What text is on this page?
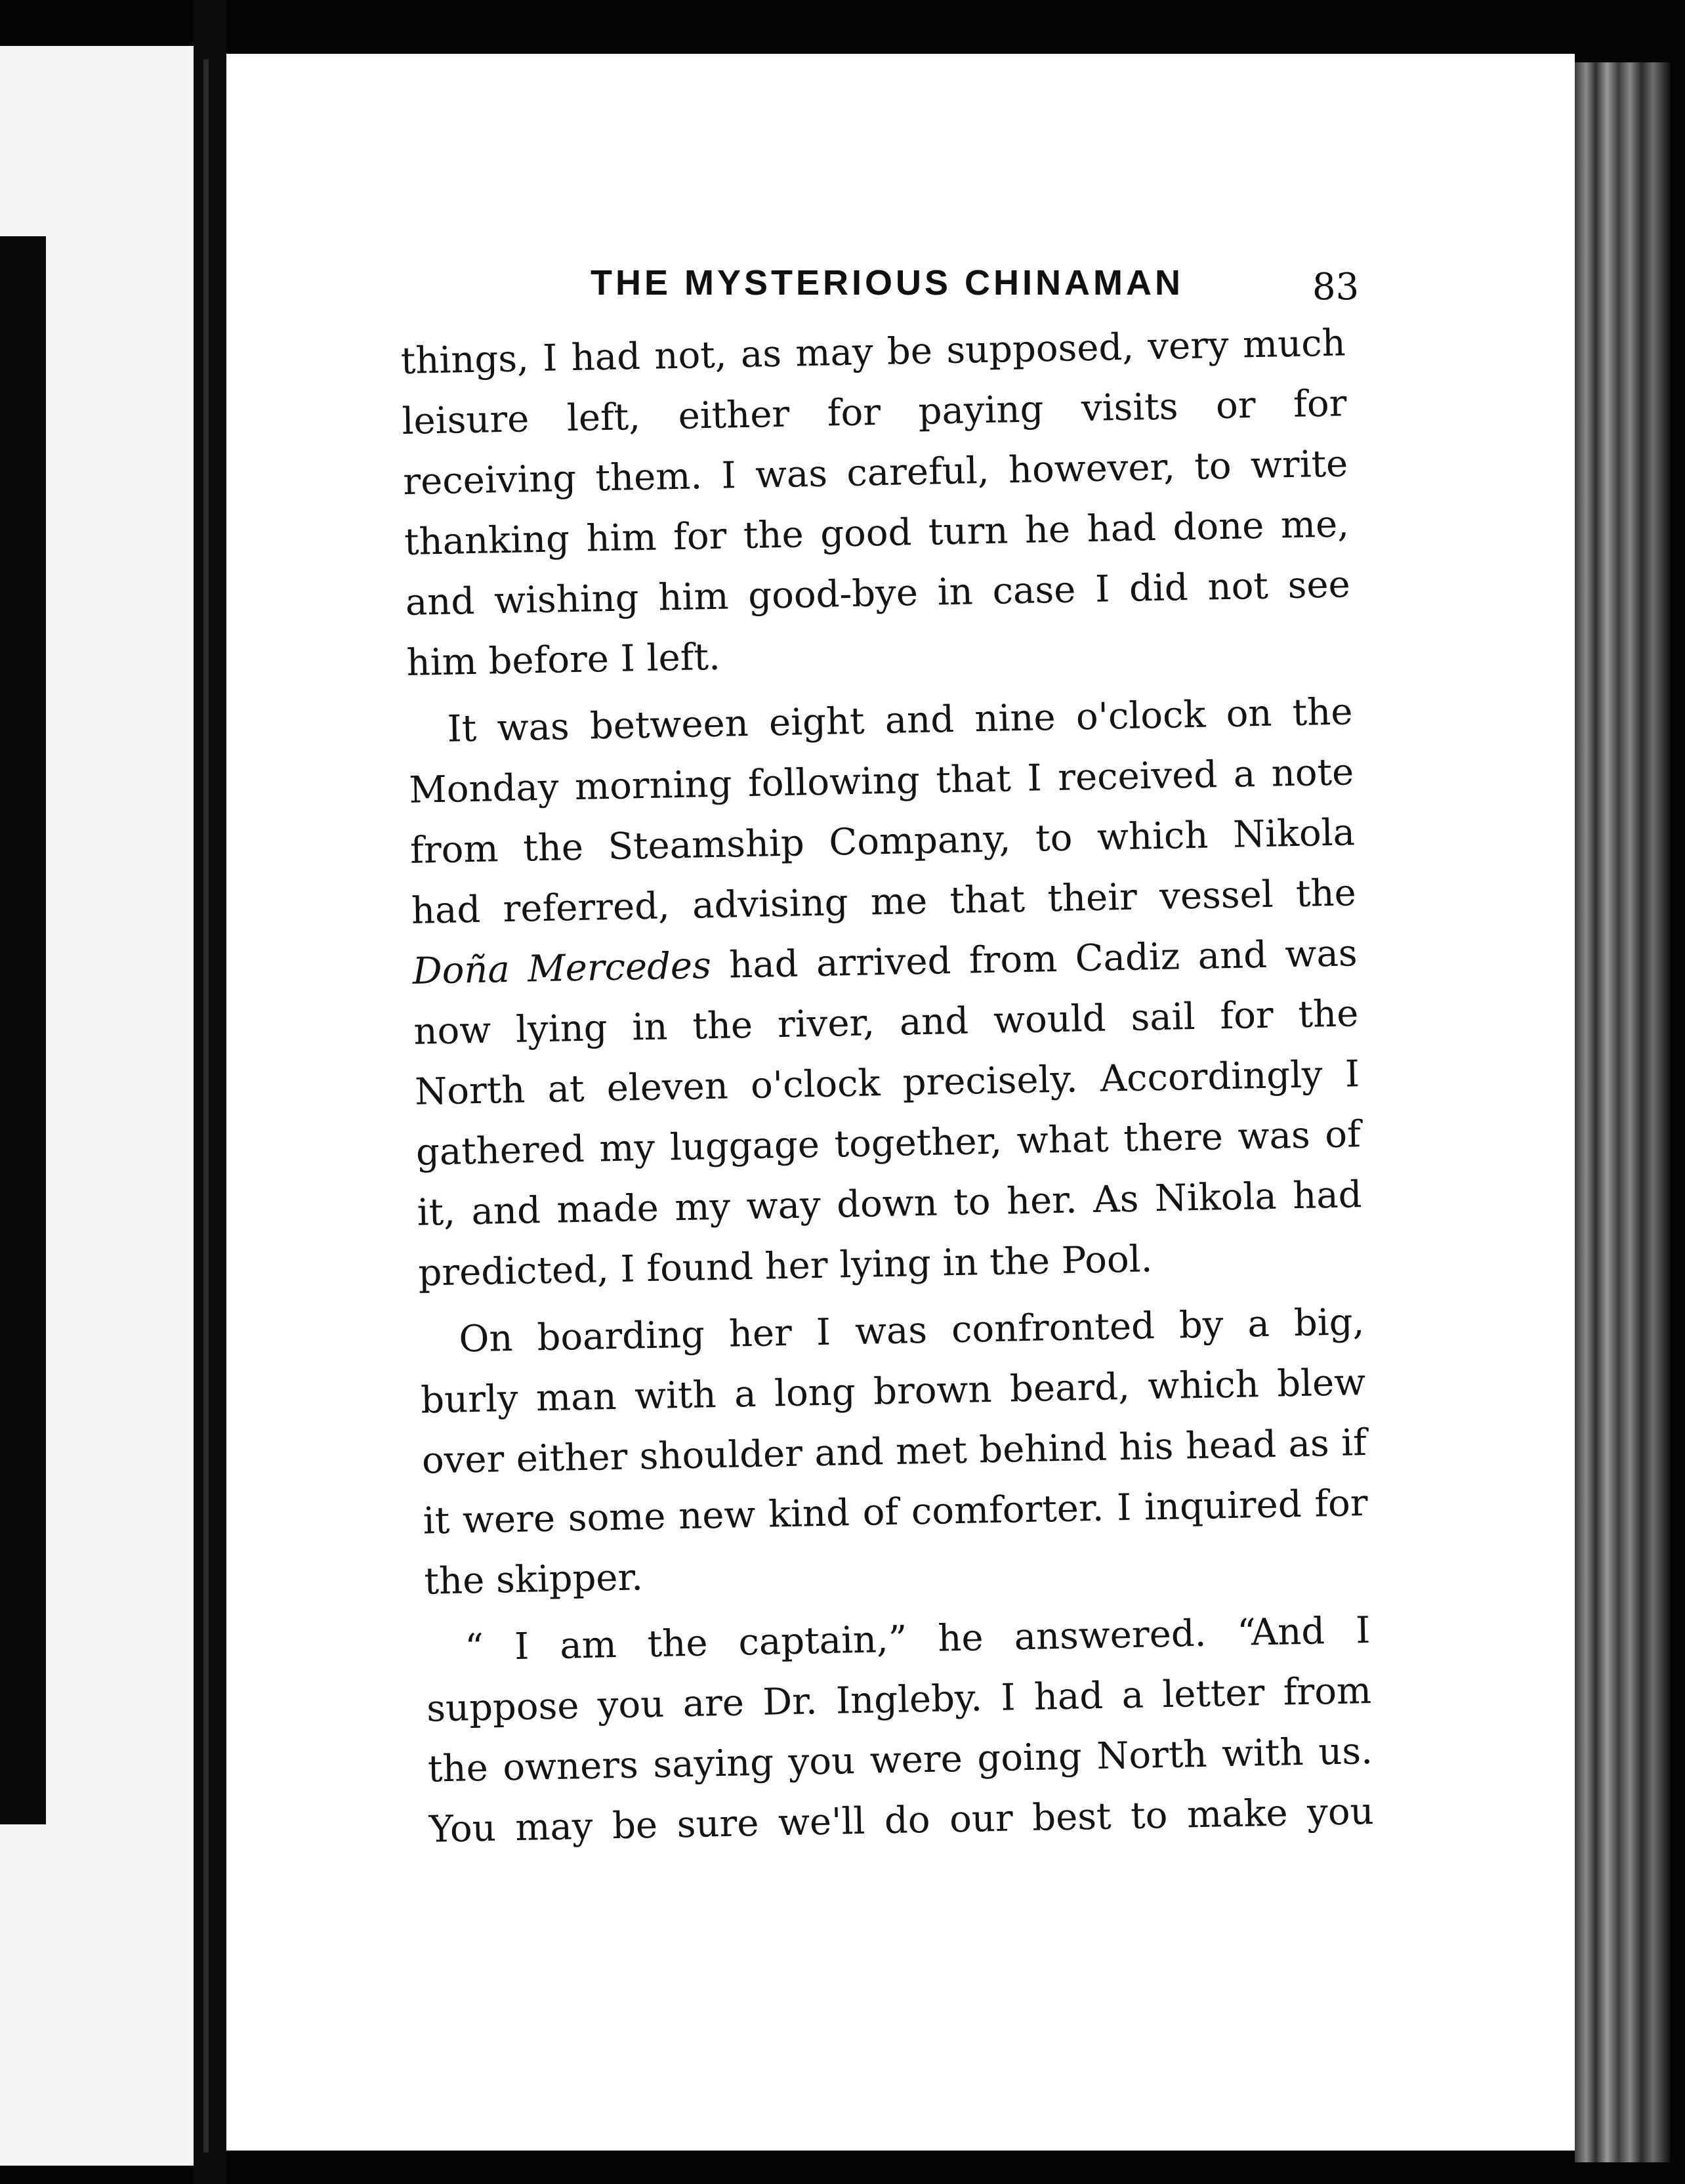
THE MYSTERIOUS CHINAMAN	83

things, I had not, as may be supposed, very much leisure left, either for paying visits or for receiving them. I was careful, however, to write thanking him for the good turn he had done me, and wishing him good-bye in case I did not see him before I left.

It was between eight and nine o'clock on the Monday morning following that I received a note from the Steamship Company, to which Nikola had referred, advising me that their vessel the Doña Mercedes had arrived from Cadiz and was now lying in the river, and would sail for the North at eleven o'clock precisely. Accordingly I gathered my luggage together, what there was of it, and made my way down to her. As Nikola had predicted, I found her lying in the Pool.

On boarding her I was confronted by a big, burly man with a long brown beard, which blew over either shoulder and met behind his head as if it were some new kind of comforter. I inquired for the skipper.

“ I am the captain,” he answered. “And I suppose you are Dr. Ingleby. I had a letter from the owners saying you were going North with us. You may be sure we'll do our best to make you
